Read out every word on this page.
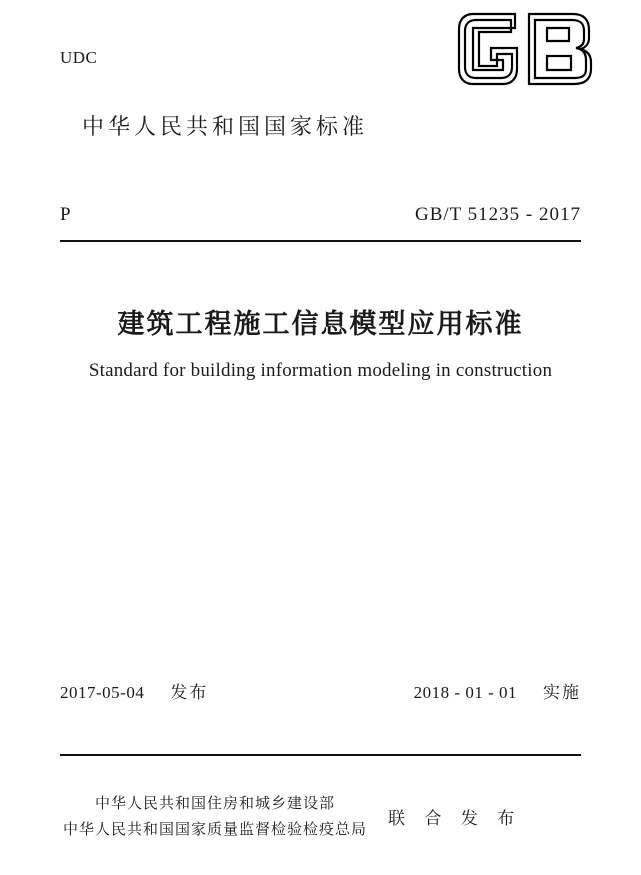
UDC
中华人民共和国国家标准
P	GB/T 51235 - 2017
建筑工程施工信息模型应用标准
Standard for building information modeling in construction
2017-05-04 发布	2018 - 01 - 01 实施
中华人民共和国住房和城乡建设部
中华人民共和国国家质量监督检验检疫总局
联 合 发 布
